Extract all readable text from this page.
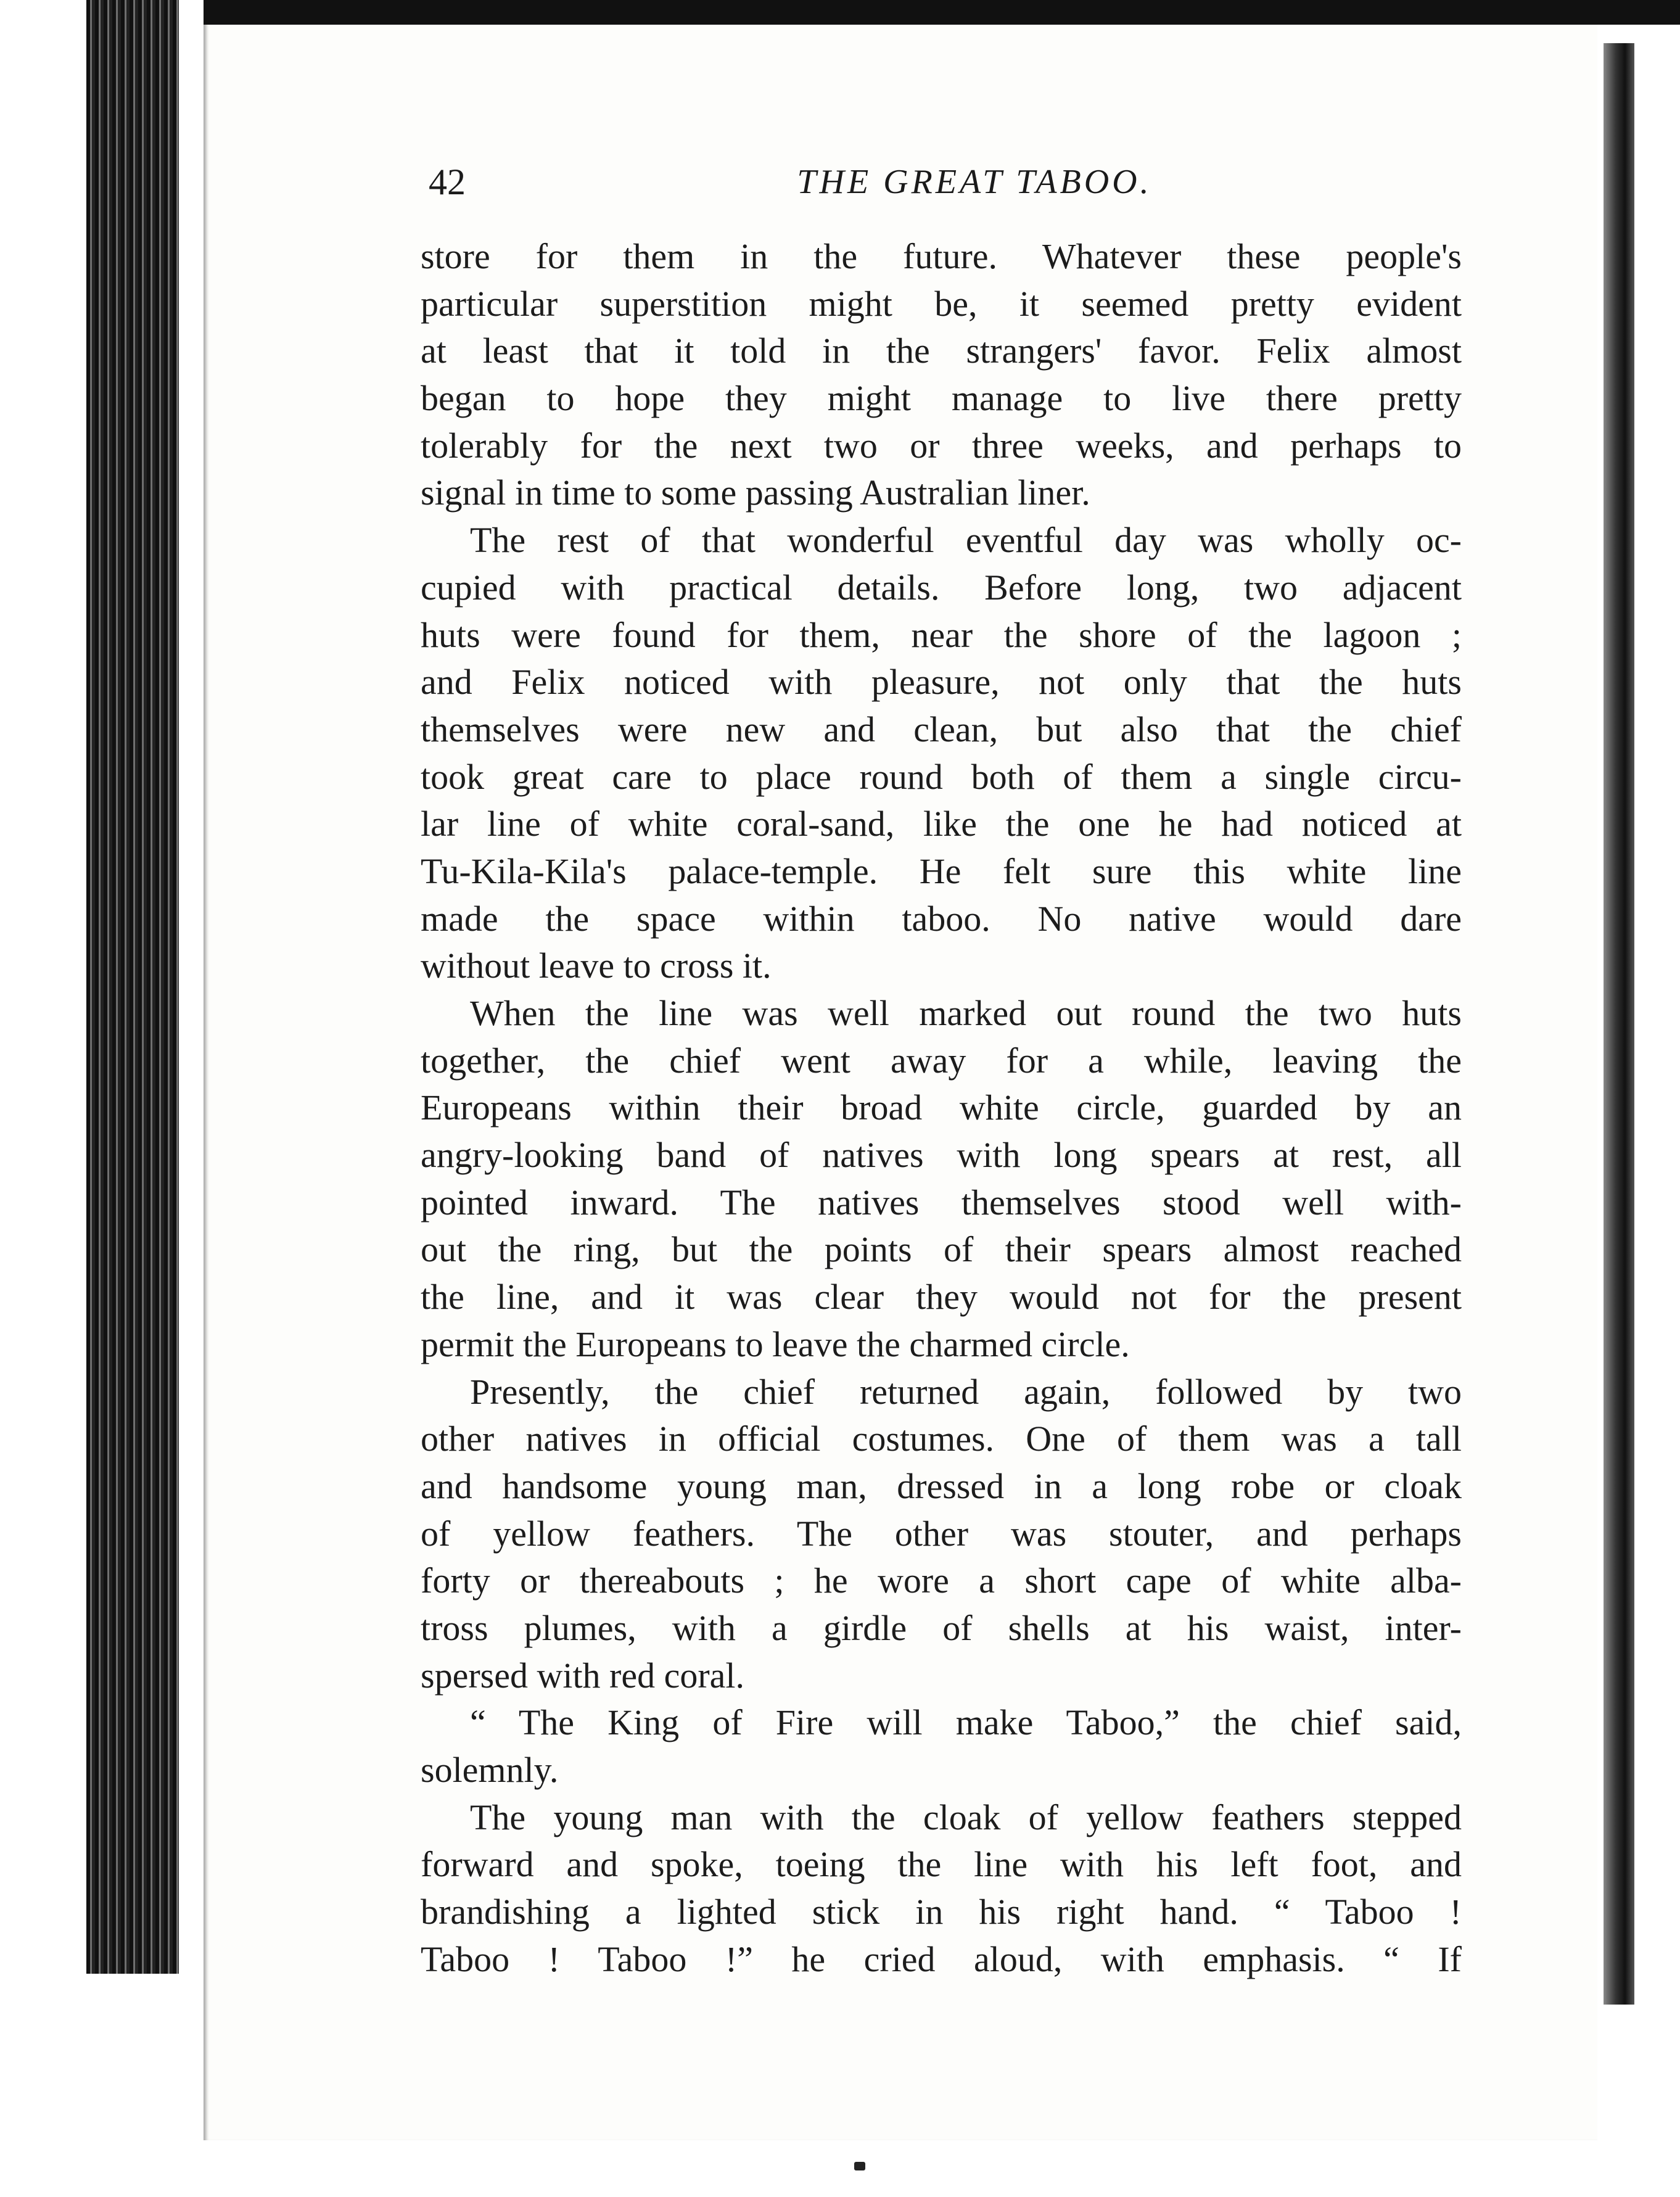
42	THE GREAT TABOO.
store for them in the future. Whatever these people's
particular superstition might be, it seemed pretty evident
at least that it told in the strangers' favor. Felix almost
began to hope they might manage to live there pretty
tolerably for the next two or three weeks, and perhaps to
signal in time to some passing Australian liner.
The rest of that wonderful eventful day was wholly oc-
cupied with practical details. Before long, two adjacent
huts were found for them, near the shore of the lagoon ;
and Felix noticed with pleasure, not only that the huts
themselves were new and clean, but also that the chief
took great care to place round both of them a single circu-
lar line of white coral-sand, like the one he had noticed at
Tu-Kila-Kila's palace-temple. He felt sure this white line
made the space within taboo. No native would dare
without leave to cross it.
When the line was well marked out round the two huts
together, the chief went away for a while, leaving the
Europeans within their broad white circle, guarded by an
angry-looking band of natives with long spears at rest, all
pointed inward. The natives themselves stood well with-
out the ring, but the points of their spears almost reached
the line, and it was clear they would not for the present
permit the Europeans to leave the charmed circle.
Presently, the chief returned again, followed by two
other natives in official costumes. One of them was a tall
and handsome young man, dressed in a long robe or cloak
of yellow feathers. The other was stouter, and perhaps
forty or thereabouts ; he wore a short cape of white alba-
tross plumes, with a girdle of shells at his waist, inter-
spersed with red coral.
“ The King of Fire will make Taboo,” the chief said,
solemnly.
The young man with the cloak of yellow feathers stepped
forward and spoke, toeing the line with his left foot, and
brandishing a lighted stick in his right hand. “ Taboo !
Taboo ! Taboo !” he cried aloud, with emphasis. “ If
